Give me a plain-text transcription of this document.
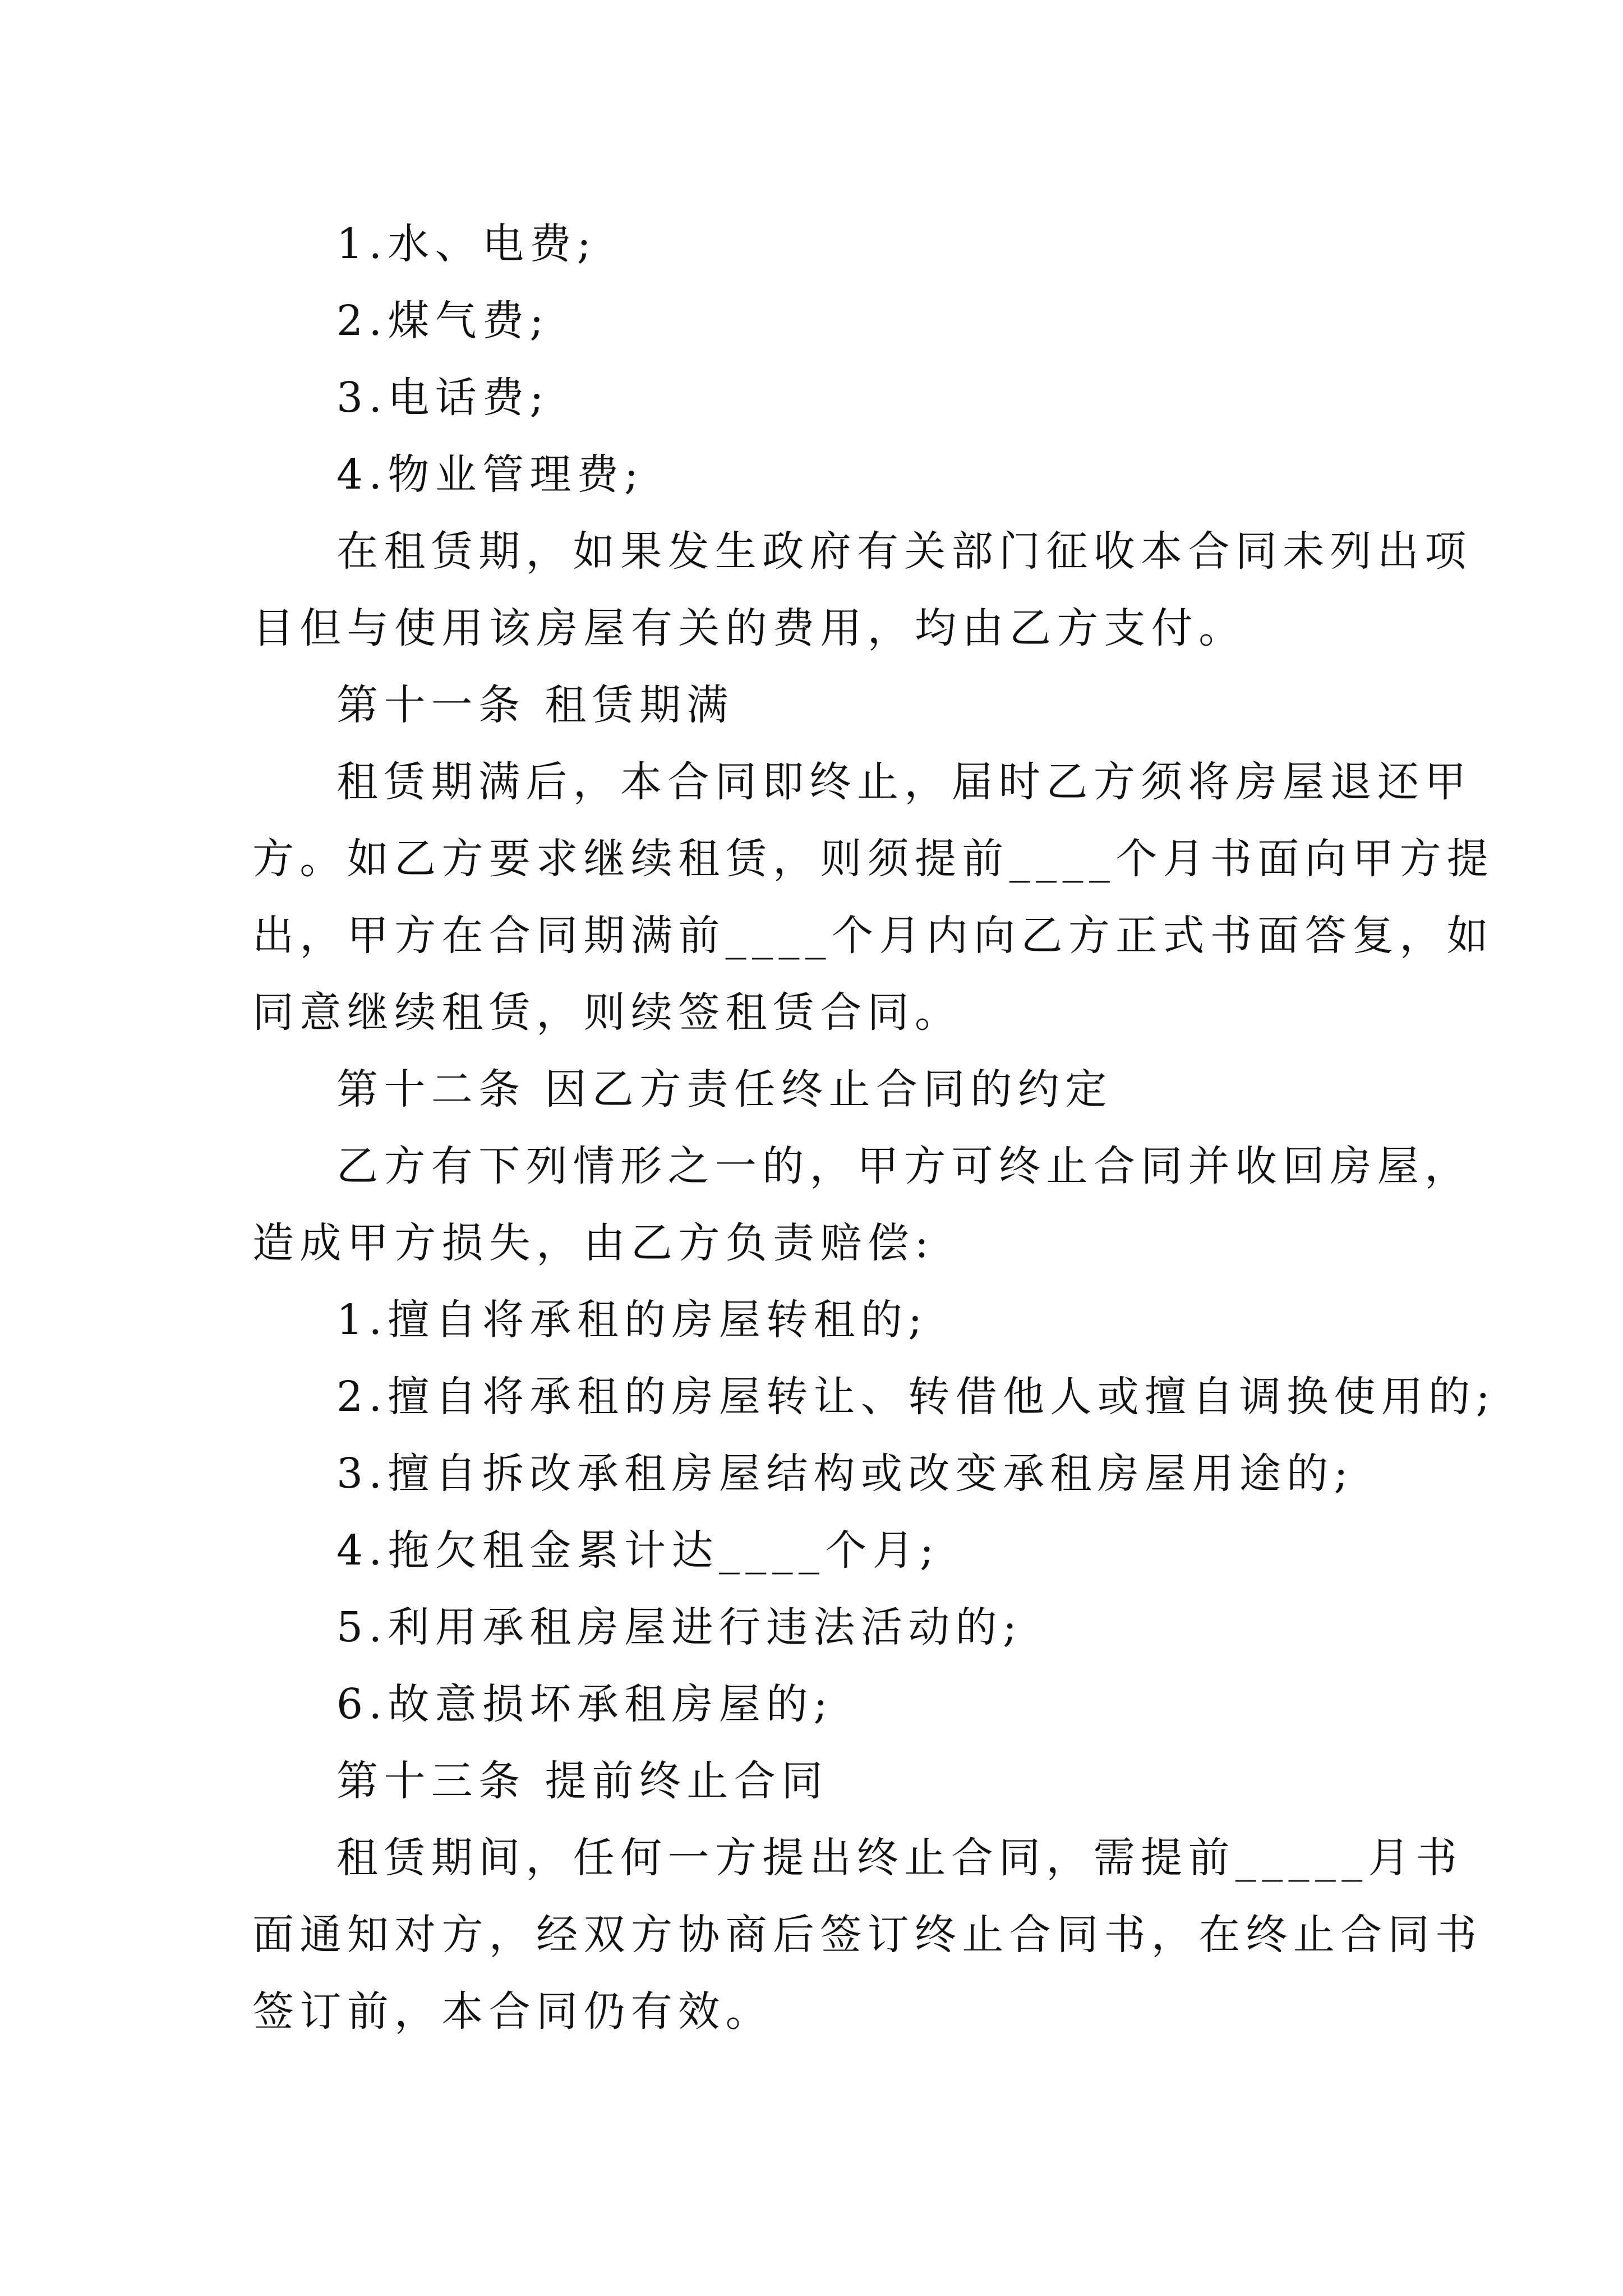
1.水、电费;
2.煤气费;
3.电话费;
4.物业管理费;
在租赁期，如果发生政府有关部门征收本合同未列出项
目但与使用该房屋有关的费用，均由乙方支付。
第十一条 租赁期满
租赁期满后，本合同即终止，届时乙方须将房屋退还甲
方。如乙方要求继续租赁，则须提前____个月书面向甲方提
出，甲方在合同期满前____个月内向乙方正式书面答复，如
同意继续租赁，则续签租赁合同。
第十二条 因乙方责任终止合同的约定
乙方有下列情形之一的，甲方可终止合同并收回房屋，
造成甲方损失，由乙方负责赔偿:
1.擅自将承租的房屋转租的;
2.擅自将承租的房屋转让、转借他人或擅自调换使用的;
3.擅自拆改承租房屋结构或改变承租房屋用途的;
4.拖欠租金累计达____个月;
5.利用承租房屋进行违法活动的;
6.故意损坏承租房屋的;
第十三条 提前终止合同
租赁期间，任何一方提出终止合同，需提前_____月书
面通知对方，经双方协商后签订终止合同书，在终止合同书
签订前，本合同仍有效。
